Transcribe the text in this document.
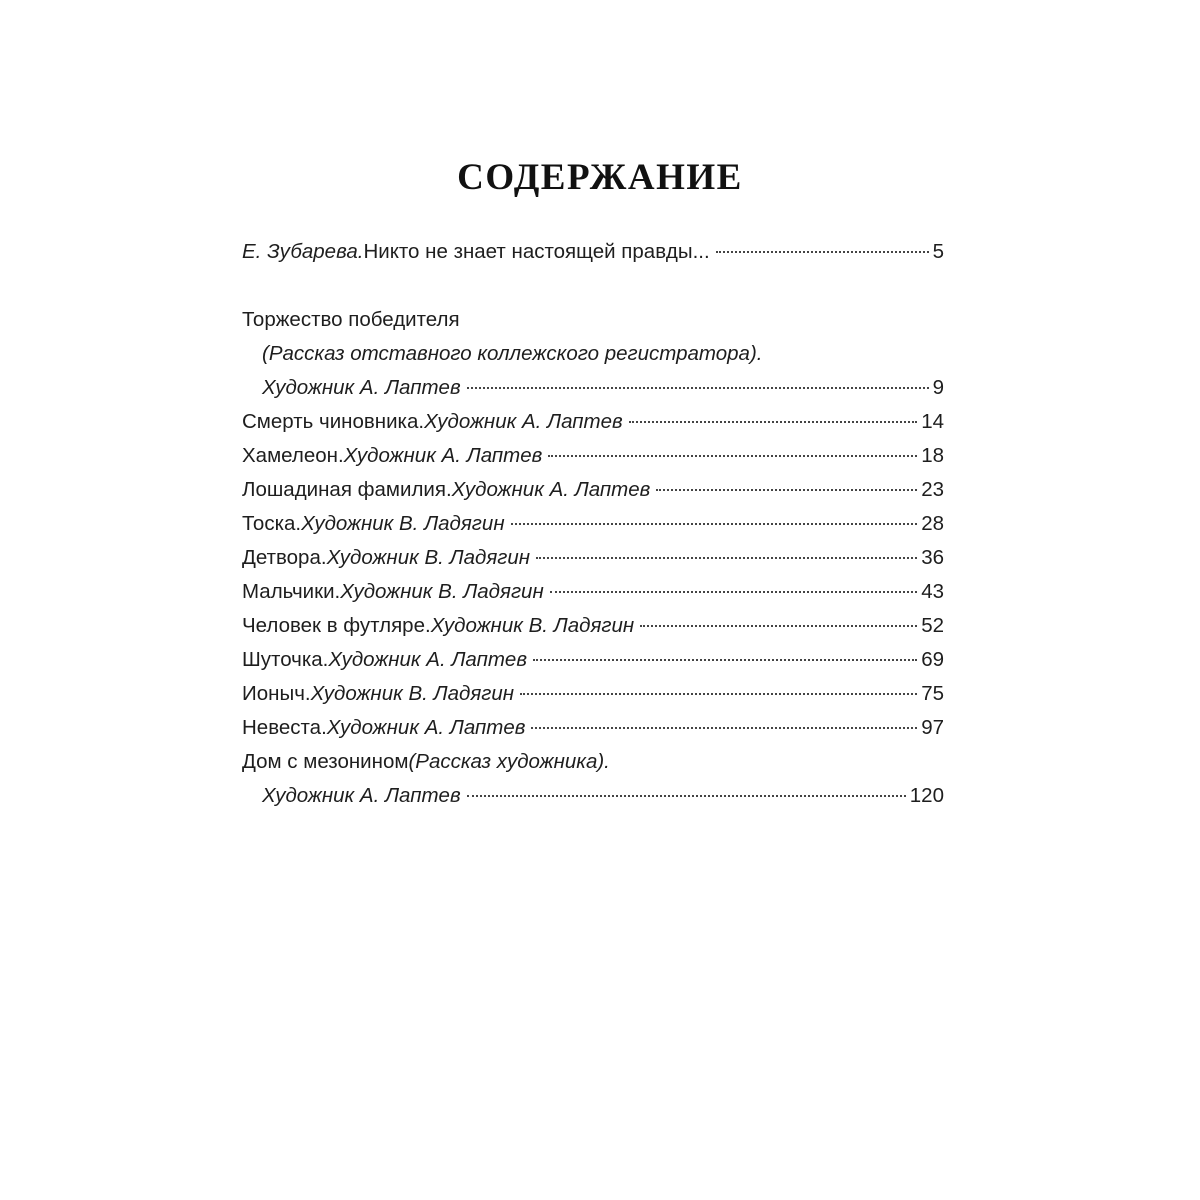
СОДЕРЖАНИЕ
Е. Зубарева. Никто не знает настоящей правды...	5
Торжество победителя
(Рассказ отставного коллежского регистратора).
Художник А. Лаптев	9
Смерть чиновника. Художник А. Лаптев	14
Хамелеон. Художник А. Лаптев	18
Лошадиная фамилия. Художник А. Лаптев	23
Тоска. Художник В. Ладягин	28
Детвора. Художник В. Ладягин	36
Мальчики. Художник В. Ладягин	43
Человек в футляре. Художник В. Ладягин	52
Шуточка. Художник А. Лаптев	69
Ионыч. Художник В. Ладягин	75
Невеста. Художник А. Лаптев	97
Дом с мезонином (Рассказ художника).
Художник А. Лаптев	120
